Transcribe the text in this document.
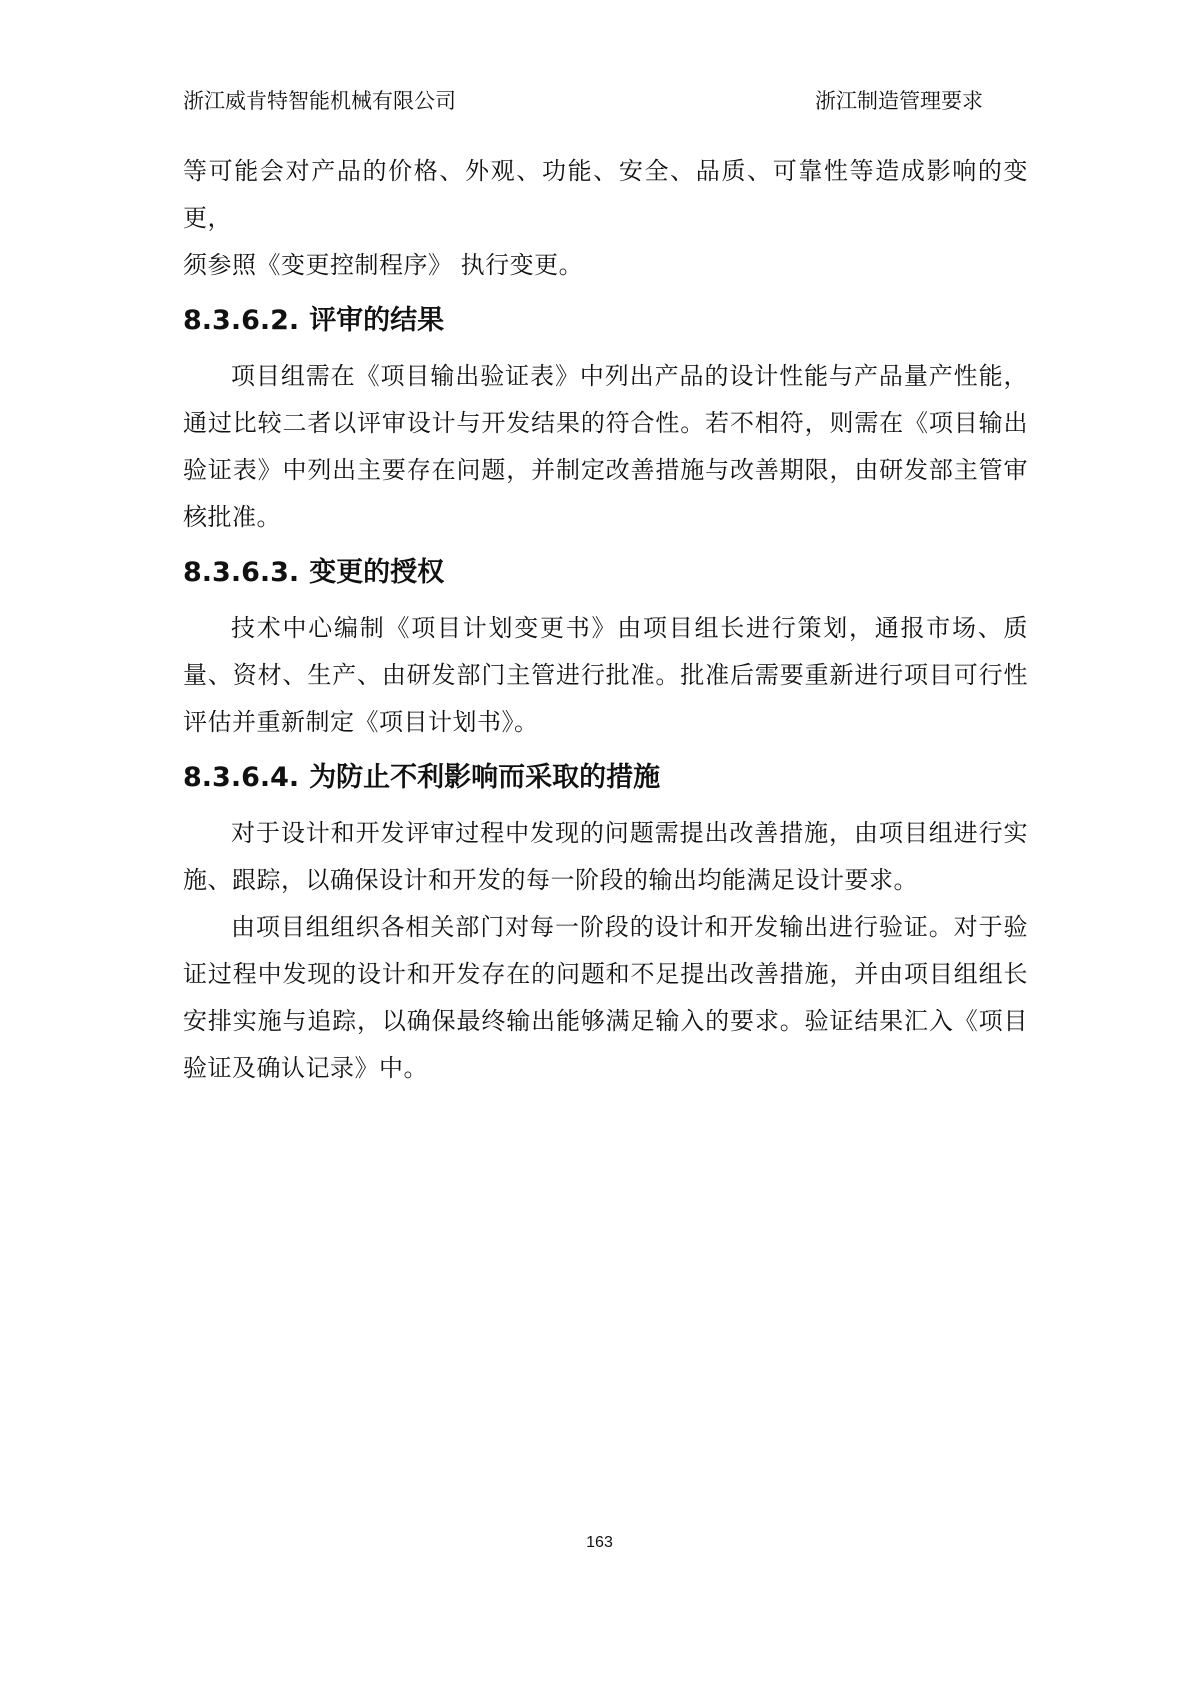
浙江威肯特智能机械有限公司	浙江制造管理要求

等可能会对产品的价格、外观、功能、安全、品质、可靠性等造成影响的变更，

须参照《变更控制程序》 执行变更。

8.3.6.2. 评审的结果

项目组需在《项目输出验证表》中列出产品的设计性能与产品量产性能，通过比较二者以评审设计与开发结果的符合性。若不相符，则需在《项目输出验证表》中列出主要存在问题，并制定改善措施与改善期限，由研发部主管审核批准。

8.3.6.3. 变更的授权

技术中心编制《项目计划变更书》由项目组长进行策划，通报市场、质量、资材、生产、由研发部门主管进行批准。批准后需要重新进行项目可行性评估并重新制定《项目计划书》。

8.3.6.4. 为防止不利影响而采取的措施

对于设计和开发评审过程中发现的问题需提出改善措施，由项目组进行实施、跟踪，以确保设计和开发的每一阶段的输出均能满足设计要求。

由项目组组织各相关部门对每一阶段的设计和开发输出进行验证。对于验证过程中发现的设计和开发存在的问题和不足提出改善措施，并由项目组组长安排实施与追踪，以确保最终输出能够满足输入的要求。验证结果汇入《项目验证及确认记录》中。

163
